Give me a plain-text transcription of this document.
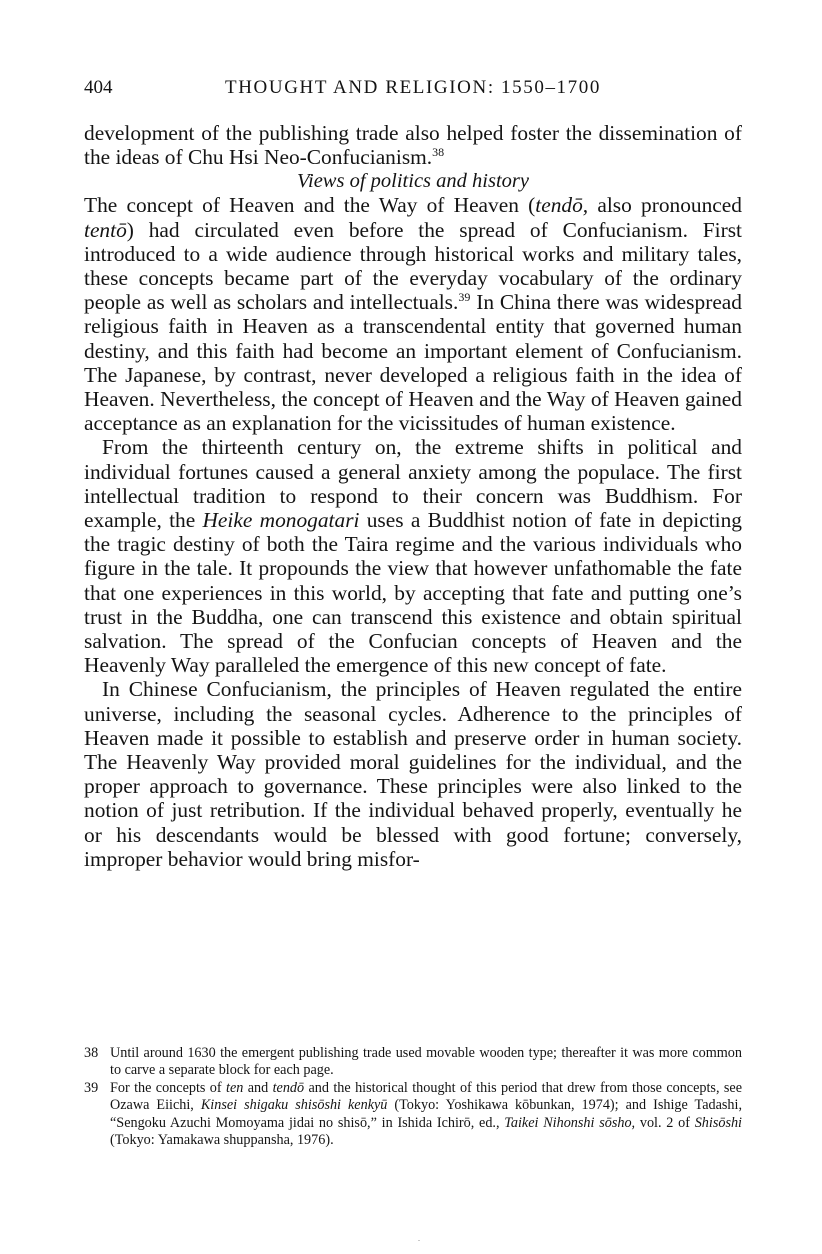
404	THOUGHT AND RELIGION: 1550–1700

development of the publishing trade also helped foster the dissemination of the ideas of Chu Hsi Neo-Confucianism.$^{38}$

Views of politics and history

The concept of Heaven and the Way of Heaven (tendō, also pronounced tentō) had circulated even before the spread of Confucianism. First introduced to a wide audience through historical works and military tales, these concepts became part of the everyday vocabulary of the ordinary people as well as scholars and intellectuals.$^{39}$ In China there was widespread religious faith in Heaven as a transcendental entity that governed human destiny, and this faith had become an important element of Confucianism. The Japanese, by contrast, never developed a religious faith in the idea of Heaven. Nevertheless, the concept of Heaven and the Way of Heaven gained acceptance as an explanation for the vicissitudes of human existence.

From the thirteenth century on, the extreme shifts in political and individual fortunes caused a general anxiety among the populace. The first intellectual tradition to respond to their concern was Buddhism. For example, the Heike monogatari uses a Buddhist notion of fate in depicting the tragic destiny of both the Taira regime and the various individuals who figure in the tale. It propounds the view that however unfathomable the fate that one experiences in this world, by accepting that fate and putting one’s trust in the Buddha, one can transcend this existence and obtain spiritual salvation. The spread of the Confucian concepts of Heaven and the Heavenly Way paralleled the emergence of this new concept of fate.

In Chinese Confucianism, the principles of Heaven regulated the entire universe, including the seasonal cycles. Adherence to the principles of Heaven made it possible to establish and preserve order in human society. The Heavenly Way provided moral guidelines for the individual, and the proper approach to governance. These principles were also linked to the notion of just retribution. If the individual behaved properly, eventually he or his descendants would be blessed with good fortune; conversely, improper behavior would bring misfor-

38 Until around 1630 the emergent publishing trade used movable wooden type; thereafter it was more common to carve a separate block for each page.

39 For the concepts of ten and tendō and the historical thought of this period that drew from those concepts, see Ozawa Eiichi, Kinsei shigaku shisōshi kenkyū (Tokyo: Yoshikawa kōbunkan, 1974); and Ishige Tadashi, “Sengoku Azuchi Momoyama jidai no shisō,” in Ishida Ichirō, ed., Taikei Nihonshi sōsho, vol. 2 of Shisōshi (Tokyo: Yamakawa shuppansha, 1976).

.
